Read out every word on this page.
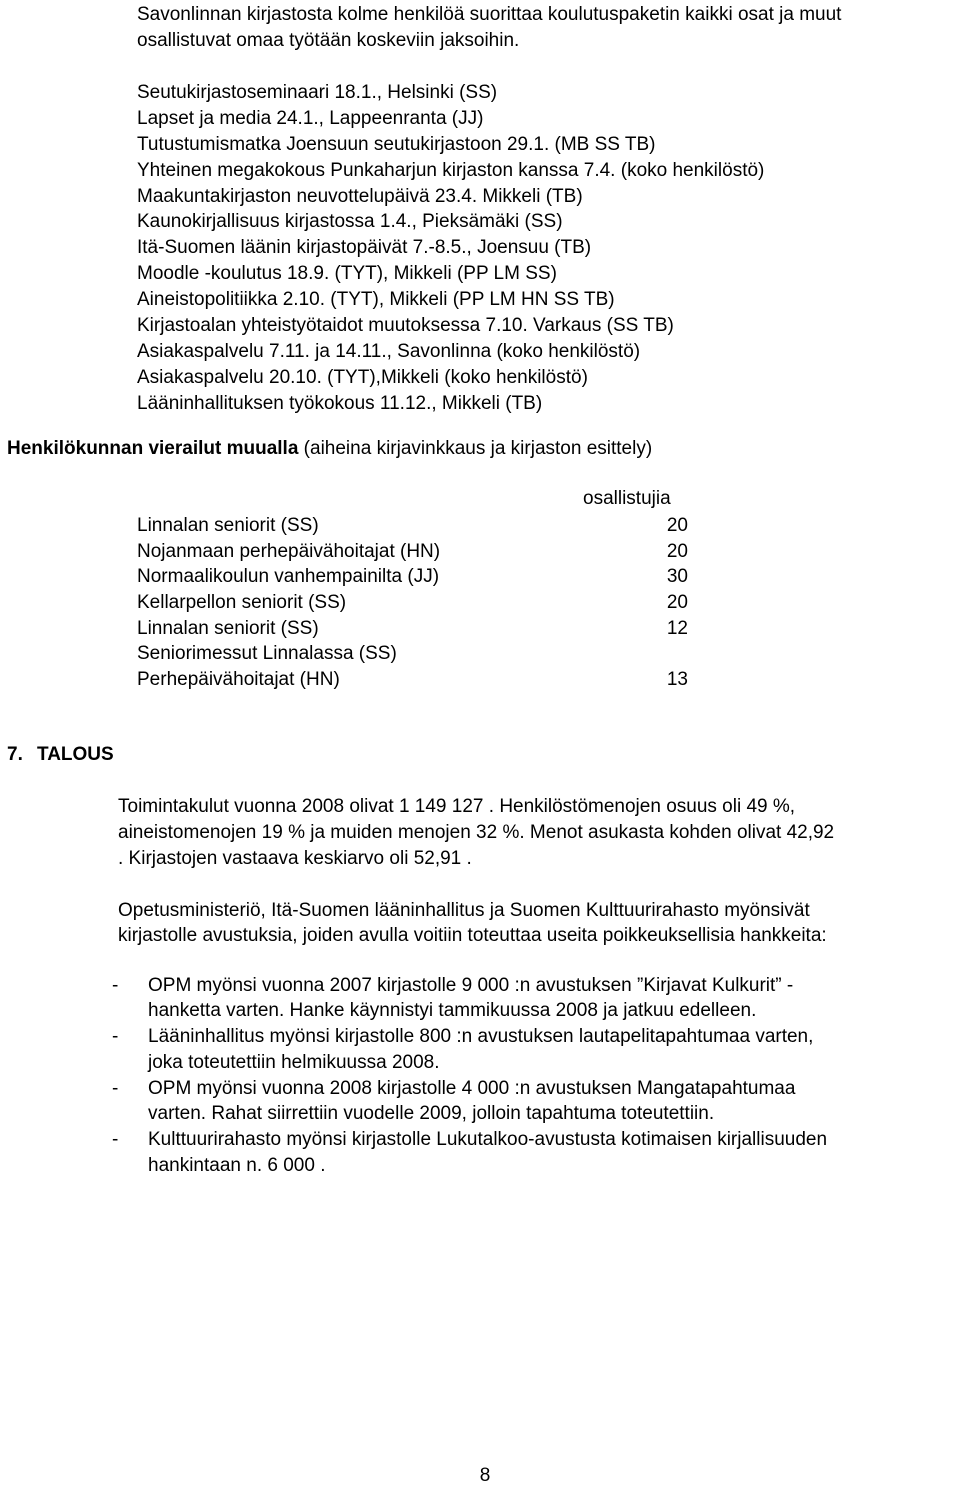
Savonlinnan kirjastosta kolme henkilöä suorittaa koulutuspaketin kaikki osat ja muut

osallistuvat omaa työtään koskeviin jaksoihin.

Seutukirjastoseminaari 18.1., Helsinki (SS)

Lapset ja media 24.1., Lappeenranta (JJ)

Tutustumismatka Joensuun seutukirjastoon 29.1. (MB SS TB)

Yhteinen megakokous Punkaharjun kirjaston kanssa 7.4. (koko henkilöstö)

Maakuntakirjaston neuvottelupäivä 23.4. Mikkeli (TB)

Kaunokirjallisuus kirjastossa 1.4., Pieksämäki (SS)

Itä-Suomen läänin kirjastopäivät 7.-8.5., Joensuu (TB)

Moodle -koulutus 18.9. (TYT), Mikkeli (PP LM SS)

Aineistopolitiikka 2.10. (TYT), Mikkeli (PP LM HN SS TB)

Kirjastoalan yhteistyötaidot muutoksessa 7.10. Varkaus (SS TB)

Asiakaspalvelu 7.11. ja 14.11., Savonlinna (koko henkilöstö)

Asiakaspalvelu 20.10. (TYT),Mikkeli (koko henkilöstö)

Lääninhallituksen työkokous 11.12., Mikkeli (TB)

Henkilökunnan vierailut muualla (aiheina kirjavinkkaus ja kirjaston esittely)

osallistujia
Linnalan seniorit (SS)	20
Nojanmaan perhepäivähoitajat (HN)	20
Normaalikoulun vanhempainilta (JJ)	30
Kellarpellon seniorit (SS)	20
Linnalan seniorit (SS)	12
Seniorimessut Linnalassa (SS)
Perhepäivähoitajat (HN)	13

7. TALOUS

Toimintakulut vuonna 2008 olivat 1 149 127 . Henkilöstömenojen osuus oli 49 %,

aineistomenojen 19 % ja muiden menojen 32 %. Menot asukasta kohden olivat 42,92

. Kirjastojen vastaava keskiarvo oli 52,91 .

Opetusministeriö, Itä-Suomen lääninhallitus ja Suomen Kulttuurirahasto myönsivät

kirjastolle avustuksia, joiden avulla voitiin toteuttaa useita poikkeuksellisia hankkeita:

- OPM myönsi vuonna 2007 kirjastolle 9 000 :n avustuksen ”Kirjavat Kulkurit” -
hanketta varten. Hanke käynnistyi tammikuussa 2008 ja jatkuu edelleen.
- Lääninhallitus myönsi kirjastolle 800 :n avustuksen lautapelitapahtumaa varten,
joka toteutettiin helmikuussa 2008.
- OPM myönsi vuonna 2008 kirjastolle 4 000 :n avustuksen Mangatapahtumaa
varten. Rahat siirrettiin vuodelle 2009, jolloin tapahtuma toteutettiin.
- Kulttuurirahasto myönsi kirjastolle Lukutalkoo-avustusta kotimaisen kirjallisuuden
hankintaan n. 6 000 .
8
